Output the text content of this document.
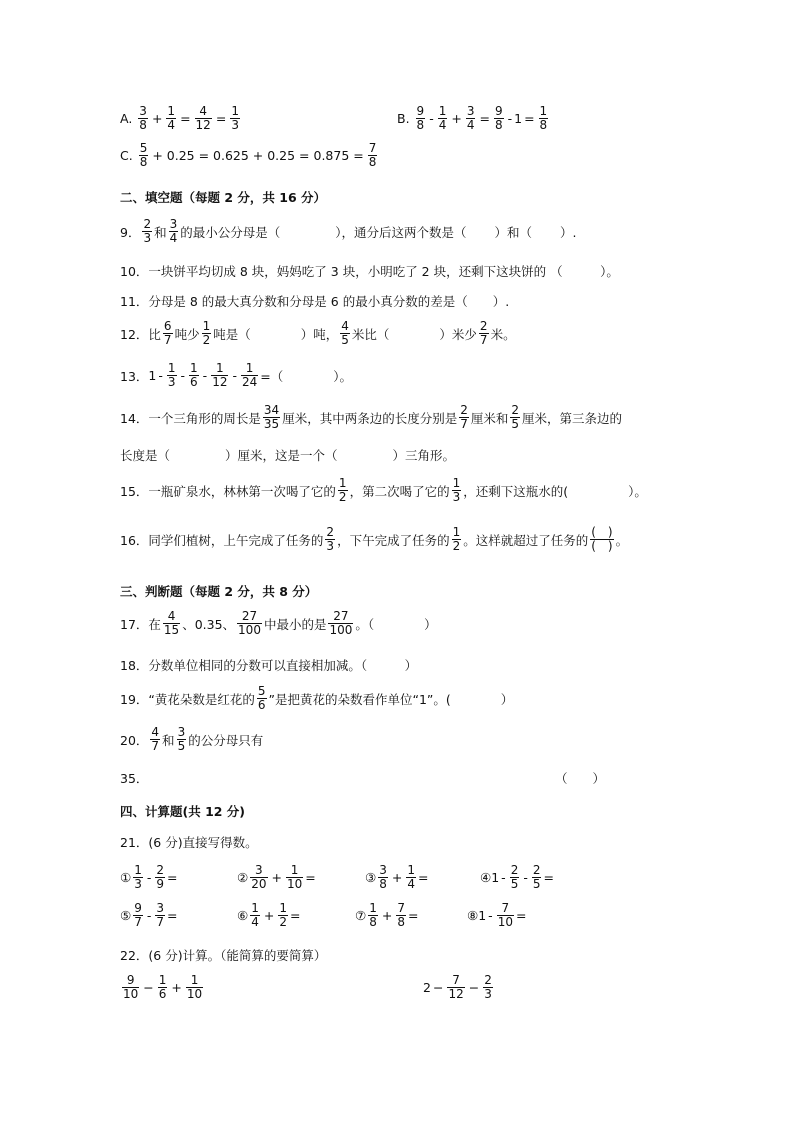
A.

3
$8 + \frac{1}{4} = \frac{4}{12} = \frac{1}{3}$	B.

9
8 -
1
$4 + \frac{3}{4} = \frac{9}{8} - 1 = \frac{1}{8}$
C.

5
$8 + 0.25 = 0.625 + 0.25 = 0.875 = \frac{7}{8}$
二、填空题（每题 2 分，共 16 分）
9．
2
3 和
3
4 的最小公分母是（	），通分后这两个数是（ ）和（ ）.
10．一块饼平均切成 8 块，妈妈吃了 3 块，小明吃了 2 块，还剩下这块饼的 （　　　）。
11．分母是 8 的最大真分数和分母是 6 的最小真分数的差是（　　）.
12． 比
6
7 吨少
1
2 吨是（	）吨，
4
5 米比（	）米少
2
7 米。
13． 1 -
1
3 -
1
6 -
1
$12 - \frac{1}{24}$ =（	）。
14． 一个三角形的周长是
34
35 厘米，其中两条边的长度分别是
2
7 厘米和
2
5 厘米，第三条边的
长度是（	）厘米，这是一个（	）三角形。
15． 一瓶矿泉水，林林第一次喝了它的
1
2 ，第二次喝了它的
1
3 ，还剩下这瓶水的(	）。
16． 同学们植树，上午完成了任务的
2
3 ，下午完成了任务的
1
2 。这样就超过了任务的
(　)
(　) 。
三、判断题（每题 2 分，共 8 分）
17． 在
4
15 、0.35、
27
100 中最小的是
27
100 。（	）
18．分数单位相同的分数可以直接相加减。（　　　）
19． “黄花朵数是红花的
5
6 ”是把黄花的朵数看作单位“1”。(	）
20．
4
7 和
3
5 的公分母只有
35．	（　　）
四、计算题(共 12 分)
21．(6 分)直接写得数。
①
1
$3 - \frac{2}{9}$ =	②
3
$20 + \frac{1}{10}$ =	③
3
$8 + \frac{1}{4}$ =	④ 1 -
2
$5 - \frac{2}{5}$ =
⑤
9
$7 - \frac{3}{7}$ =	⑥
1
$4 + \frac{1}{2}$ =	⑦
1
$8 + \frac{7}{8}$ =	⑧ $1 - \frac{7}{10}$ =
22．(6 分)计算。（能简算的要简算）
9
$10 - \frac{1}{6} + \frac{1}{10}$	$2 - \frac{7}{12} - \frac{2}{3}$
